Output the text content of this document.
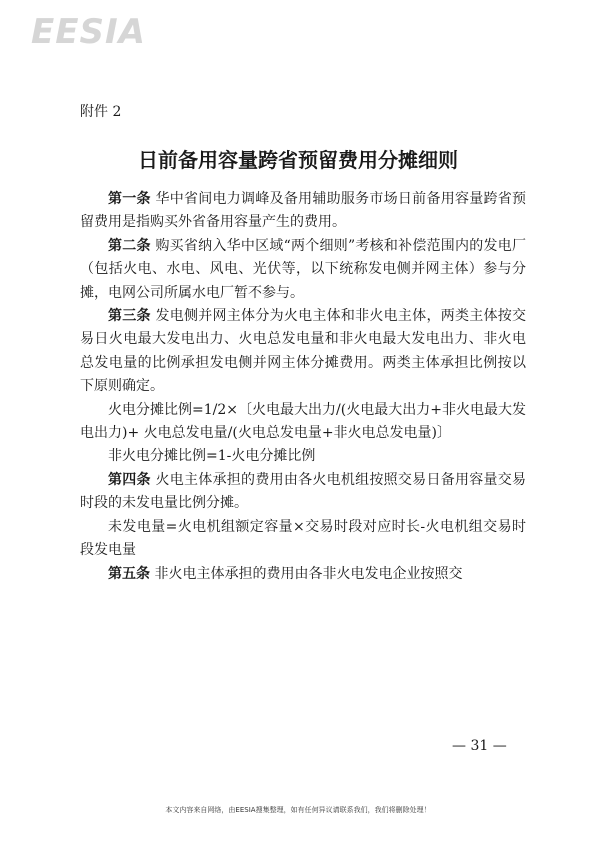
EESIA
附件 2
日前备用容量跨省预留费用分摊细则

第一条 华中省间电力调峰及备用辅助服务市场日前备用容量跨省预留费用是指购买外省备用容量产生的费用。

第二条 购买省纳入华中区域“两个细则”考核和补偿范围内的发电厂（包括火电、水电、风电、光伏等，以下统称发电侧并网主体）参与分摊，电网公司所属水电厂暂不参与。

第三条 发电侧并网主体分为火电主体和非火电主体，两类主体按交易日火电最大发电出力、火电总发电量和非火电最大发电出力、非火电总发电量的比例承担发电侧并网主体分摊费用。两类主体承担比例按以下原则确定。

火电分摊比例=1/2×〔火电最大出力/(火电最大出力+非火电最大发电出力)+ 火电总发电量/(火电总发电量+非火电总发电量)〕

非火电分摊比例=1-火电分摊比例

第四条 火电主体承担的费用由各火电机组按照交易日备用容量交易时段的未发电量比例分摊。

未发电量=火电机组额定容量×交易时段对应时长-火电机组交易时段发电量

第五条 非火电主体承担的费用由各非火电发电企业按照交

— 31 —
本文内容来自网络，由EESIA搜集整理，如有任何异议请联系我们，我们将删除处理！
